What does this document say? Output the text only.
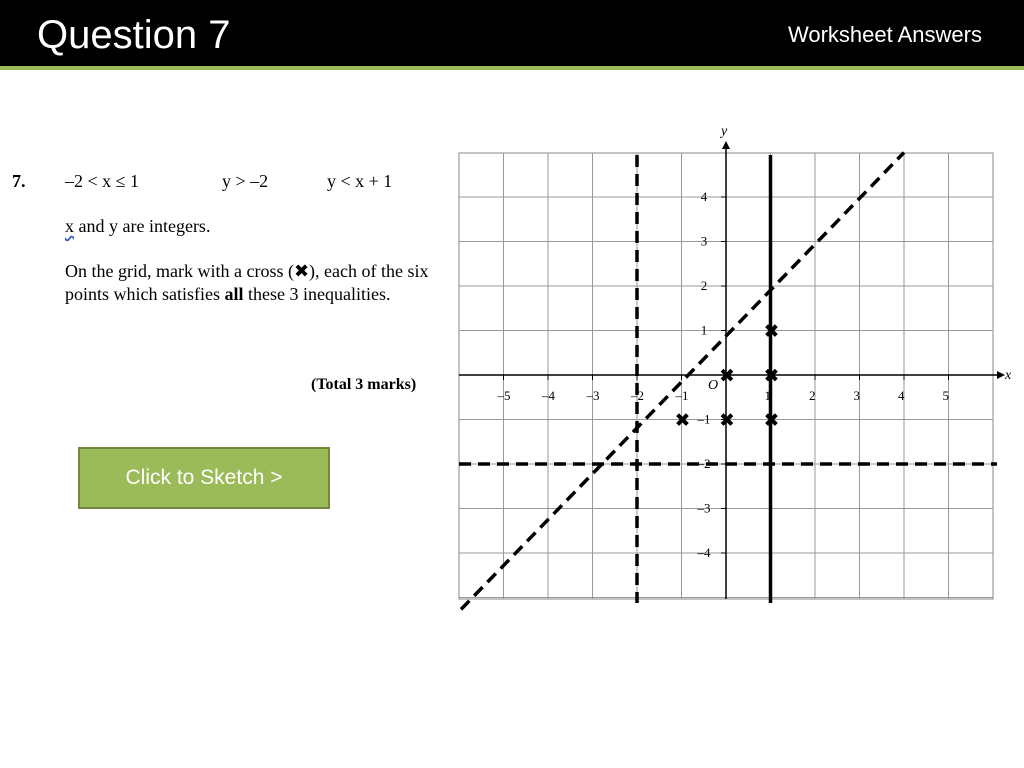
Question 7	Worksheet Answers
7. –2 < x ≤ 1	y > –2	y < x + 1
x and y are integers.
On the grid, mark with a cross (✖), each of the six points which satisfies all these 3 inequalities.
(Total 3 marks)
Click to Sketch >
–5 –4 –3 –2 –1	1	2	3	4	5
4
3
2
1
–1
–2
–3
–4
✖
✖ ✖
✖ ✖ ✖
x
y
O
